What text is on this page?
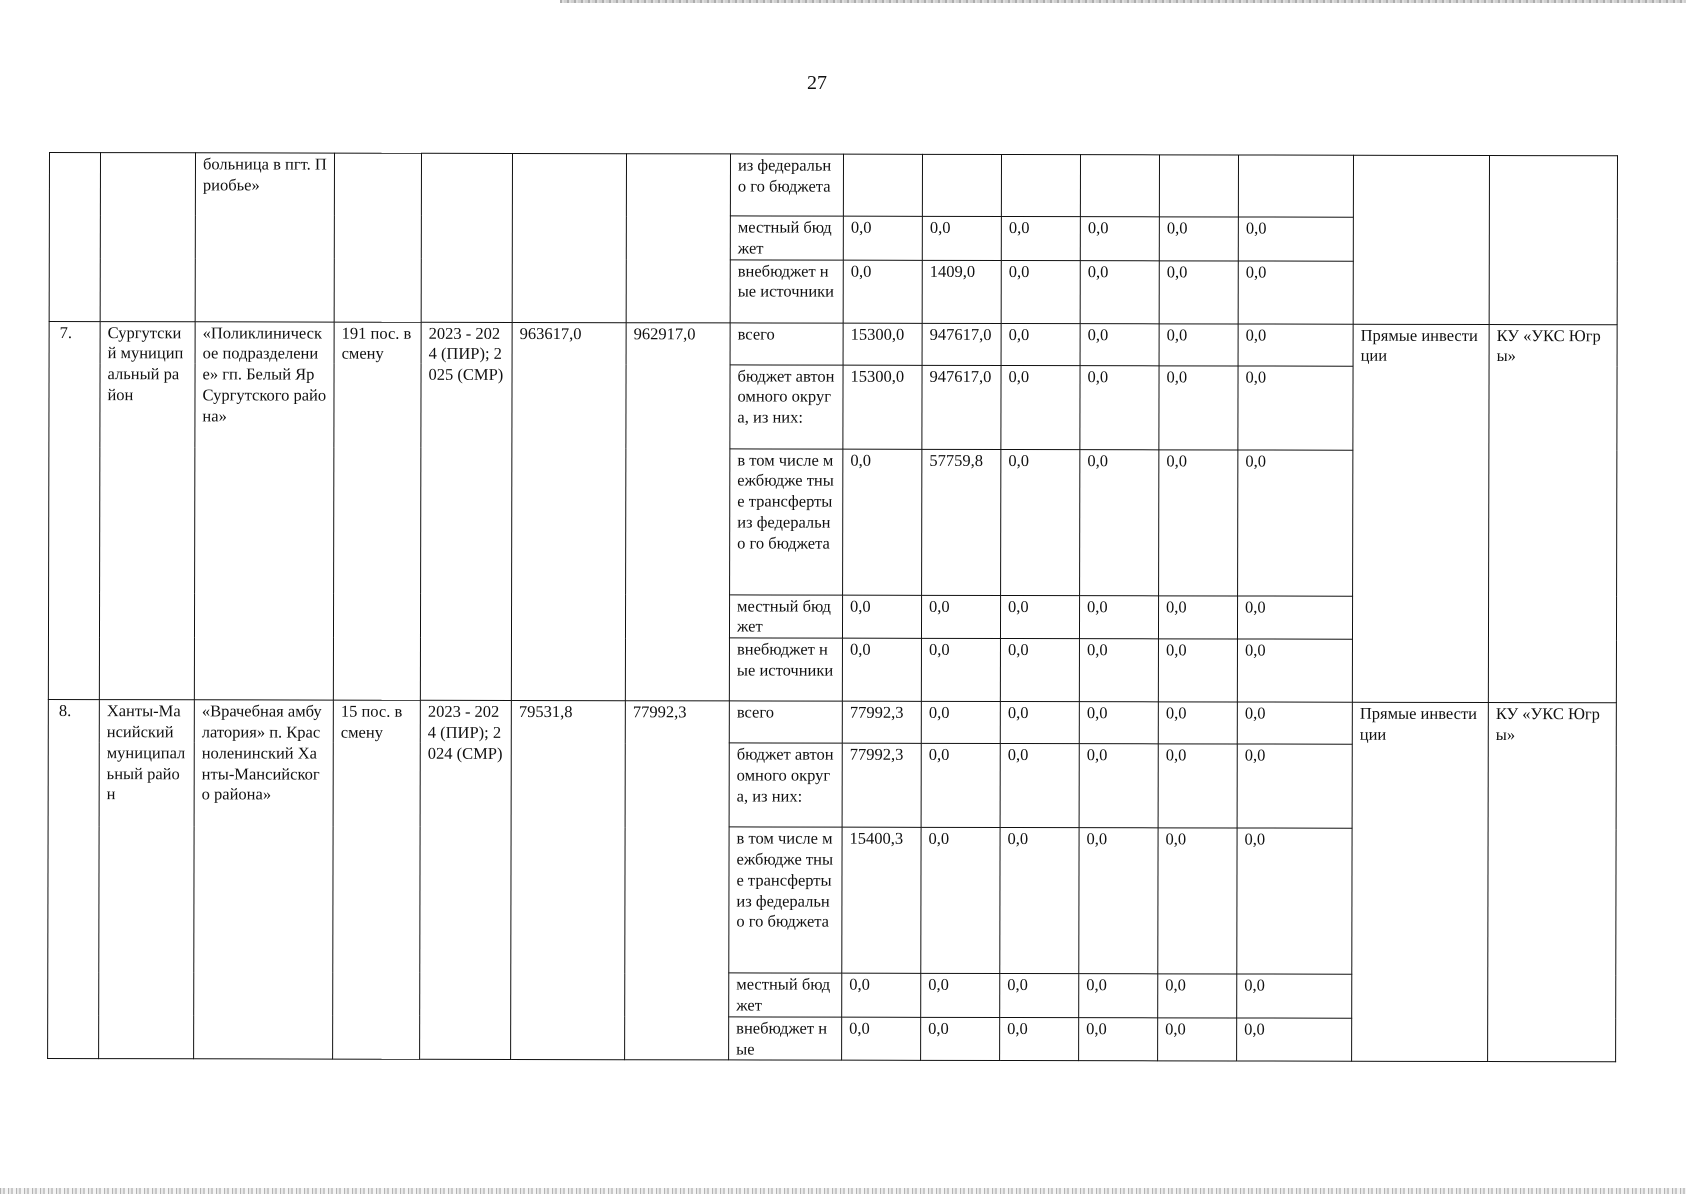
27
		больница в пгт. Приобье»					из федерально го бюджета								
							местный бюджет	0,0	0,0	0,0	0,0	0,0	0,0		
							внебюджет ные источники	0,0	1409,0	0,0	0,0	0,0	0,0		
7.	Сургутский муниципальный район	«Поликлиническое подразделение» гп. Белый Яр Сургутского района»	191 пос. в смену	2023 - 2024 (ПИР); 2025 (СМР)	963617,0	962917,0	всего	15300,0	947617,0	0,0	0,0	0,0	0,0	Прямые инвестиции	КУ «УКС Югры»
							бюджет автономного округа, из них:	15300,0	947617,0	0,0	0,0	0,0	0,0		
							в том числе межбюдже тные трансферты из федерально го бюджета	0,0	57759,8	0,0	0,0	0,0	0,0		
							местный бюджет	0,0	0,0	0,0	0,0	0,0	0,0		
							внебюджет ные источники	0,0	0,0	0,0	0,0	0,0	0,0		
8.	Ханты-Мансийский муниципальный район	«Врачебная амбулатория» п. Красноленинский Ханты-Мансийского района»	15 пос. в смену	2023 - 2024 (ПИР); 2024 (СМР)	79531,8	77992,3	всего	77992,3	0,0	0,0	0,0	0,0	0,0	Прямые инвестиции	КУ «УКС Югры»
							бюджет автономного округа, из них:	77992,3	0,0	0,0	0,0	0,0	0,0		
							в том числе межбюдже тные трансферты из федерально го бюджета	15400,3	0,0	0,0	0,0	0,0	0,0		
							местный бюджет	0,0	0,0	0,0	0,0	0,0	0,0		
							внебюджет ные	0,0	0,0	0,0	0,0	0,0	0,0		
